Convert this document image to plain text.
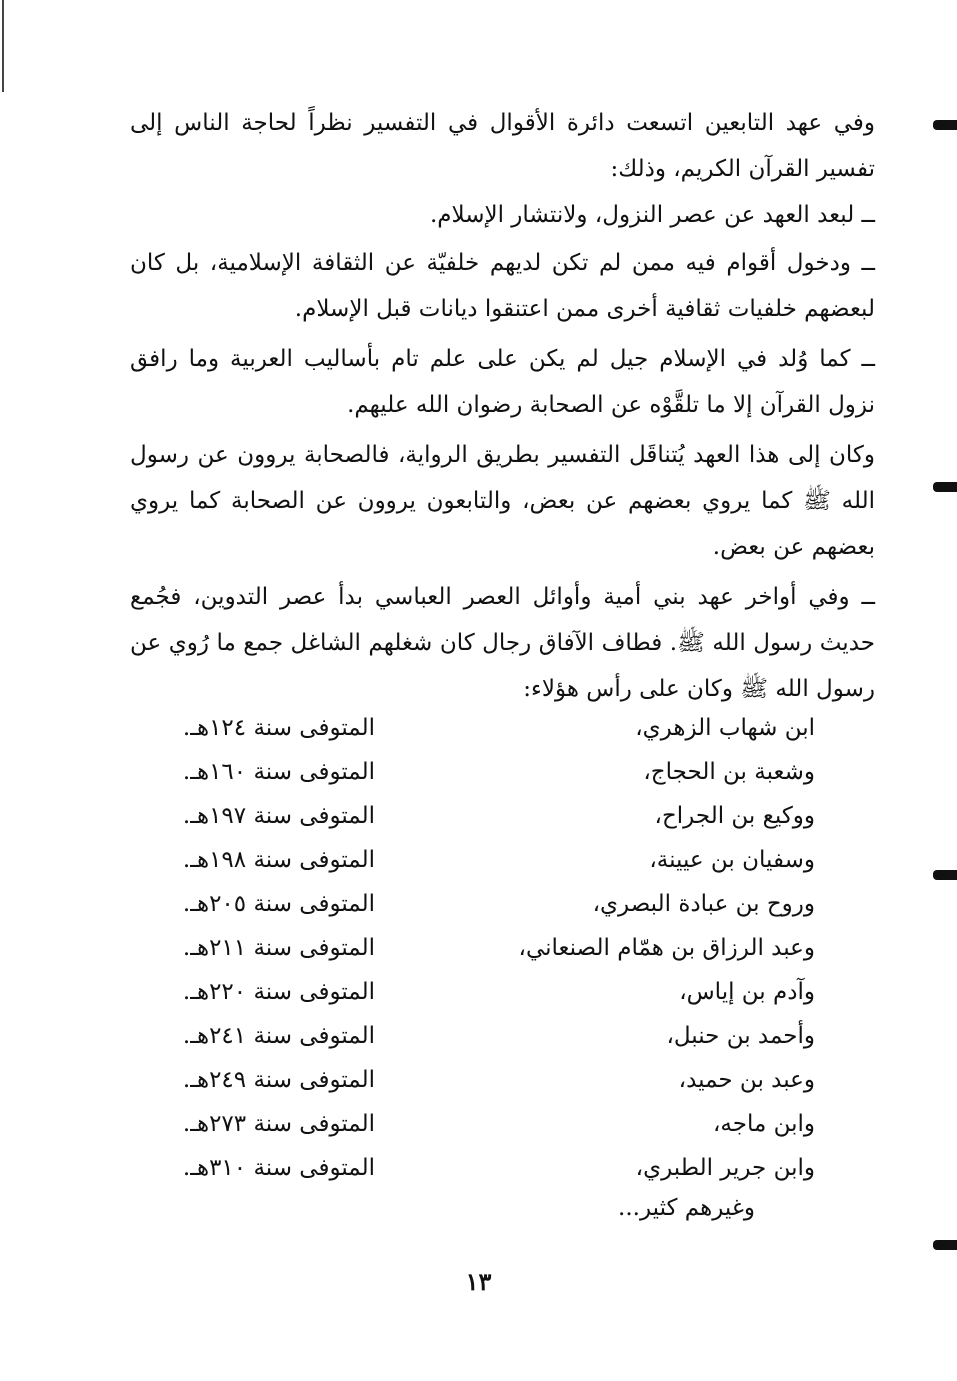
وفي عهد التابعين اتسعت دائرة الأقوال في التفسير نظراً لحاجة الناس إلى تفسير القرآن الكريم، وذلك:

ــ لبعد العهد عن عصر النزول، ولانتشار الإسلام.

ــ ودخول أقوام فيه ممن لم تكن لديهم خلفيّة عن الثقافة الإسلامية، بل كان لبعضهم خلفيات ثقافية أخرى ممن اعتنقوا ديانات قبل الإسلام.

ــ كما وُلد في الإسلام جيل لم يكن على علم تام بأساليب العربية وما رافق نزول القرآن إلا ما تلقَّوْه عن الصحابة رضوان الله عليهم.

وكان إلى هذا العهد يُتناقَل التفسير بطريق الرواية، فالصحابة يروون عن رسول الله ﷺ كما يروي بعضهم عن بعض، والتابعون يروون عن الصحابة كما يروي بعضهم عن بعض.

ــ وفي أواخر عهد بني أمية وأوائل العصر العباسي بدأ عصر التدوين، فجُمع حديث رسول الله ﷺ. فطاف الآفاق رجال كان شغلهم الشاغل جمع ما رُوي عن رسول الله ﷺ وكان على رأس هؤلاء:

ابن شهاب الزهري،
المتوفى سنة ١٢٤هـ.
وشعبة بن الحجاج،
المتوفى سنة ١٦٠هـ.
ووكيع بن الجراح،
المتوفى سنة ١٩٧هـ.
وسفيان بن عيينة،
المتوفى سنة ١٩٨هـ.
وروح بن عبادة البصري،
المتوفى سنة ٢٠٥هـ.
وعبد الرزاق بن همّام الصنعاني،
المتوفى سنة ٢١١هـ.
وآدم بن إياس،
المتوفى سنة ٢٢٠هـ.
وأحمد بن حنبل،
المتوفى سنة ٢٤١هـ.
وعبد بن حميد،
المتوفى سنة ٢٤٩هـ.
وابن ماجه،
المتوفى سنة ٢٧٣هـ.
وابن جرير الطبري،
المتوفى سنة ٣١٠هـ.
وغيرهم كثير...
١٣
